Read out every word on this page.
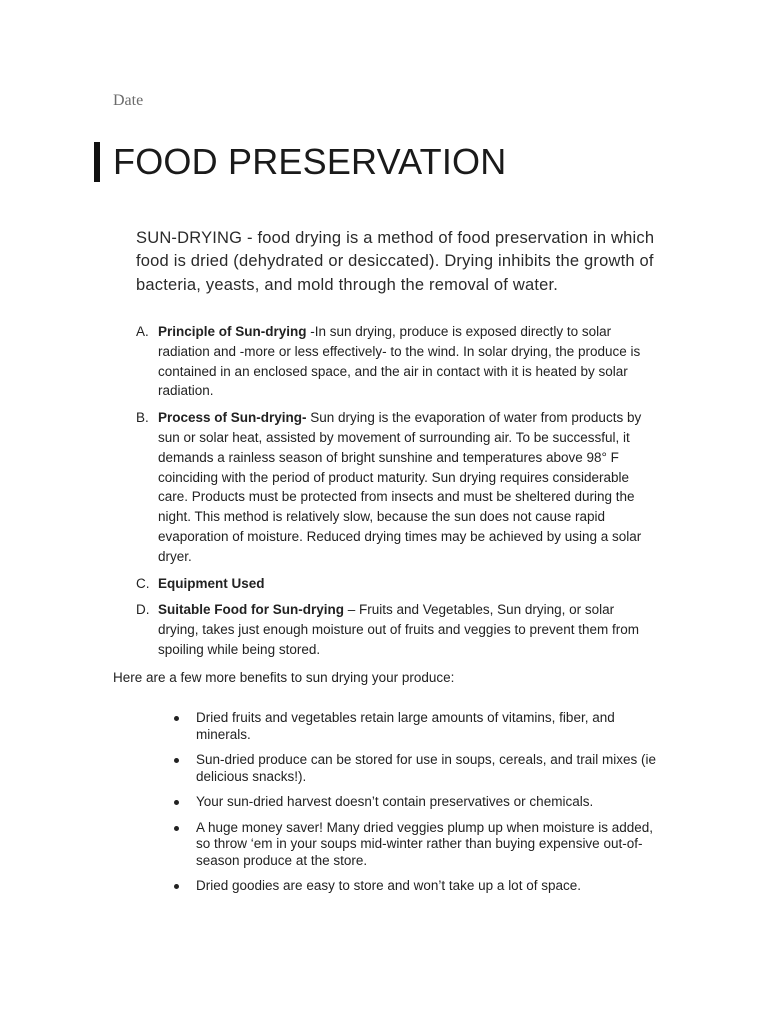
Date
FOOD PRESERVATION
SUN-DRYING - food drying is a method of food preservation in which food is dried (dehydrated or desiccated). Drying inhibits the growth of bacteria, yeasts, and mold through the removal of water.
A. Principle of Sun-drying -In sun drying, produce is exposed directly to solar radiation and -more or less effectively- to the wind. In solar drying, the produce is contained in an enclosed space, and the air in contact with it is heated by solar radiation.
B. Process of Sun-drying- Sun drying is the evaporation of water from products by sun or solar heat, assisted by movement of surrounding air. To be successful, it demands a rainless season of bright sunshine and temperatures above 98° F coinciding with the period of product maturity. Sun drying requires considerable care. Products must be protected from insects and must be sheltered during the night. This method is relatively slow, because the sun does not cause rapid evaporation of moisture. Reduced drying times may be achieved by using a solar dryer.
C. Equipment Used
D. Suitable Food for Sun-drying – Fruits and Vegetables, Sun drying, or solar drying, takes just enough moisture out of fruits and veggies to prevent them from spoiling while being stored.
Here are a few more benefits to sun drying your produce:
Dried fruits and vegetables retain large amounts of vitamins, fiber, and minerals.
Sun-dried produce can be stored for use in soups, cereals, and trail mixes (ie delicious snacks!).
Your sun-dried harvest doesn’t contain preservatives or chemicals.
A huge money saver! Many dried veggies plump up when moisture is added, so throw ‘em in your soups mid-winter rather than buying expensive out-of-season produce at the store.
Dried goodies are easy to store and won’t take up a lot of space.
